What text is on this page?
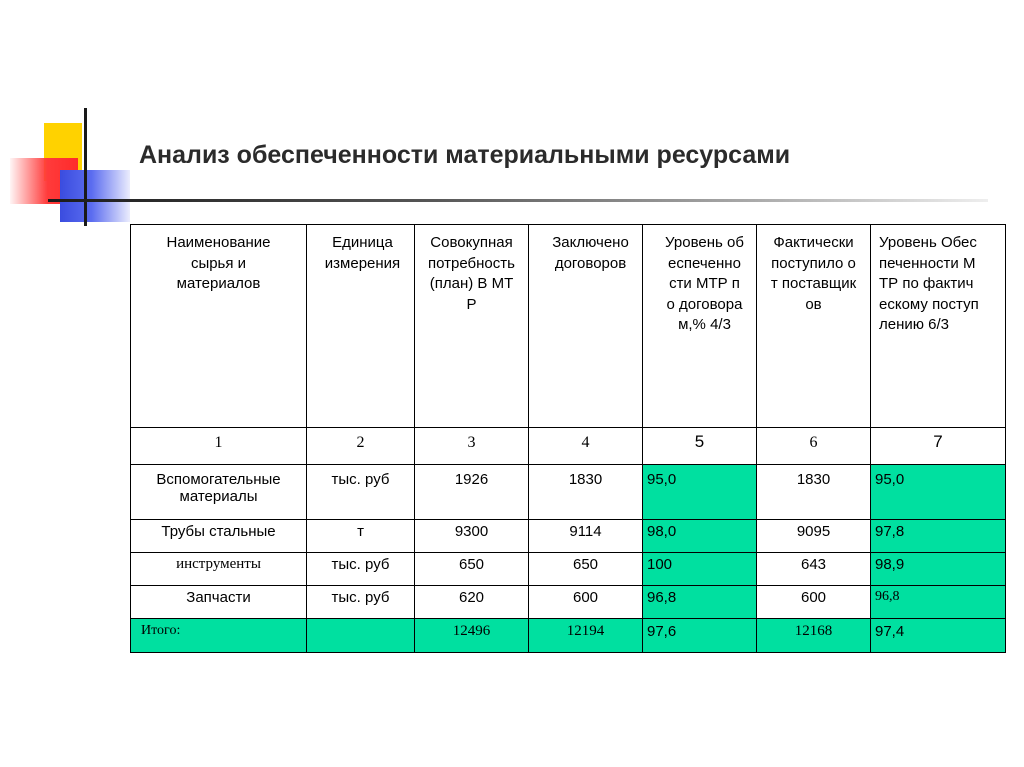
Анализ обеспеченности материальными ресурсами
Наименование сырья и материалов	Единица измерения	Совокупная потребность (план) В МТР	Заключено договоров	Уровень обеспеченности МТР по договорам,% 4/3	Фактически поступило от поставщиков	Уровень Обеспеченности МТР по фактическому поступлению 6/3

1	2	3	4	5	6	7
Вспомогательные материалы	тыс. руб	1926	1830	95,0	1830	95,0
Трубы стальные	т	9300	9114	98,0	9095	97,8
инструменты	тыс. руб	650	650	100	643	98,9
Запчасти	тыс. руб	620	600	96,8	600	96,8
Итого:		12496	12194	97,6	12168	97,4
